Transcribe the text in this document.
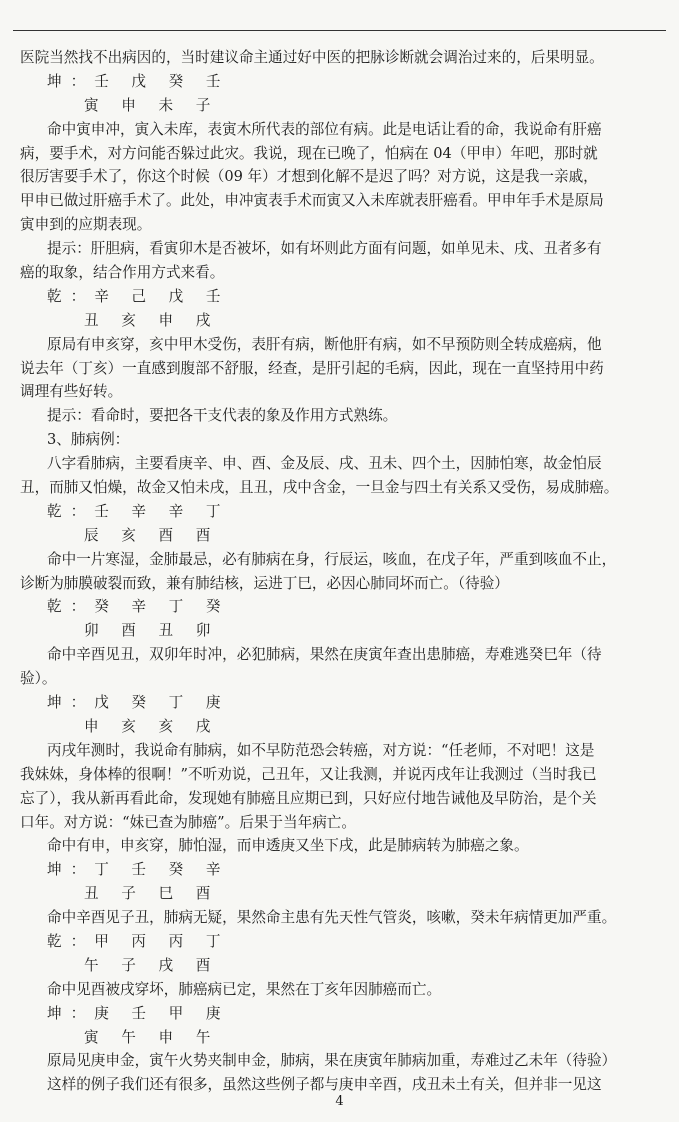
医院当然找不出病因的，当时建议命主通过好中医的把脉诊断就会调治过来的，后果明显。
坤：壬 戊 癸 壬
寅 申 未 子
命中寅申冲，寅入未库，表寅木所代表的部位有病。此是电话让看的命，我说命有肝癌
病，要手术，对方问能否躲过此灾。我说，现在已晚了，怕病在 04（甲申）年吧，那时就
很厉害要手术了，你这个时候（09 年）才想到化解不是迟了吗？对方说，这是我一亲戚，
甲申已做过肝癌手术了。此处，申冲寅表手术而寅又入未库就表肝癌看。甲申年手术是原局
寅申到的应期表现。
提示：肝胆病，看寅卯木是否被坏，如有坏则此方面有问题，如单见未、戌、丑者多有
癌的取象，结合作用方式来看。
乾：辛 己 戊 壬
丑 亥 申 戌
原局有申亥穿，亥中甲木受伤，表肝有病，断他肝有病，如不早预防则全转成癌病，他
说去年（丁亥）一直感到腹部不舒服，经查，是肝引起的毛病，因此，现在一直坚持用中药
调理有些好转。
提示：看命时，要把各干支代表的象及作用方式熟练。
3、肺病例：
八字看肺病，主要看庚辛、申、酉、金及辰、戌、丑未、四个土，因肺怕寒，故金怕辰
丑，而肺又怕燥，故金又怕未戌，且丑，戌中含金，一旦金与四土有关系又受伤，易成肺癌。
乾：壬 辛 辛 丁
辰 亥 酉 酉
命中一片寒湿，金肺最忌，必有肺病在身，行辰运，咳血，在戊子年，严重到咳血不止，
诊断为肺膜破裂而致，兼有肺结核，运进丁巳，必因心肺同坏而亡。（待验）
乾：癸 辛 丁 癸
卯 酉 丑 卯
命中辛酉见丑，双卯年时冲，必犯肺病，果然在庚寅年查出患肺癌，寿难逃癸巳年（待
验）。
坤：戊 癸 丁 庚
申 亥 亥 戌
丙戌年测时，我说命有肺病，如不早防范恐会转癌，对方说：“任老师，不对吧！这是
我妹妹，身体棒的很啊！”不听劝说，己丑年，又让我测，并说丙戌年让我测过（当时我已
忘了），我从新再看此命，发现她有肺癌且应期已到，只好应付地告诫他及早防治，是个关
口年。对方说：“妹已查为肺癌”。后果于当年病亡。
命中有申，申亥穿，肺怕湿，而申透庚又坐下戌，此是肺病转为肺癌之象。
坤：丁 壬 癸 辛
丑 子 巳 酉
命中辛酉见子丑，肺病无疑，果然命主患有先天性气管炎，咳嗽，癸未年病情更加严重。
乾：甲 丙 丙 丁
午 子 戌 酉
命中见酉被戌穿坏，肺癌病已定，果然在丁亥年因肺癌而亡。
坤：庚 壬 甲 庚
寅 午 申 午
原局见庚申金，寅午火势夹制申金，肺病，果在庚寅年肺病加重，寿难过乙未年（待验）
这样的例子我们还有很多，虽然这些例子都与庚申辛酉，戌丑未土有关，但并非一见这
4
